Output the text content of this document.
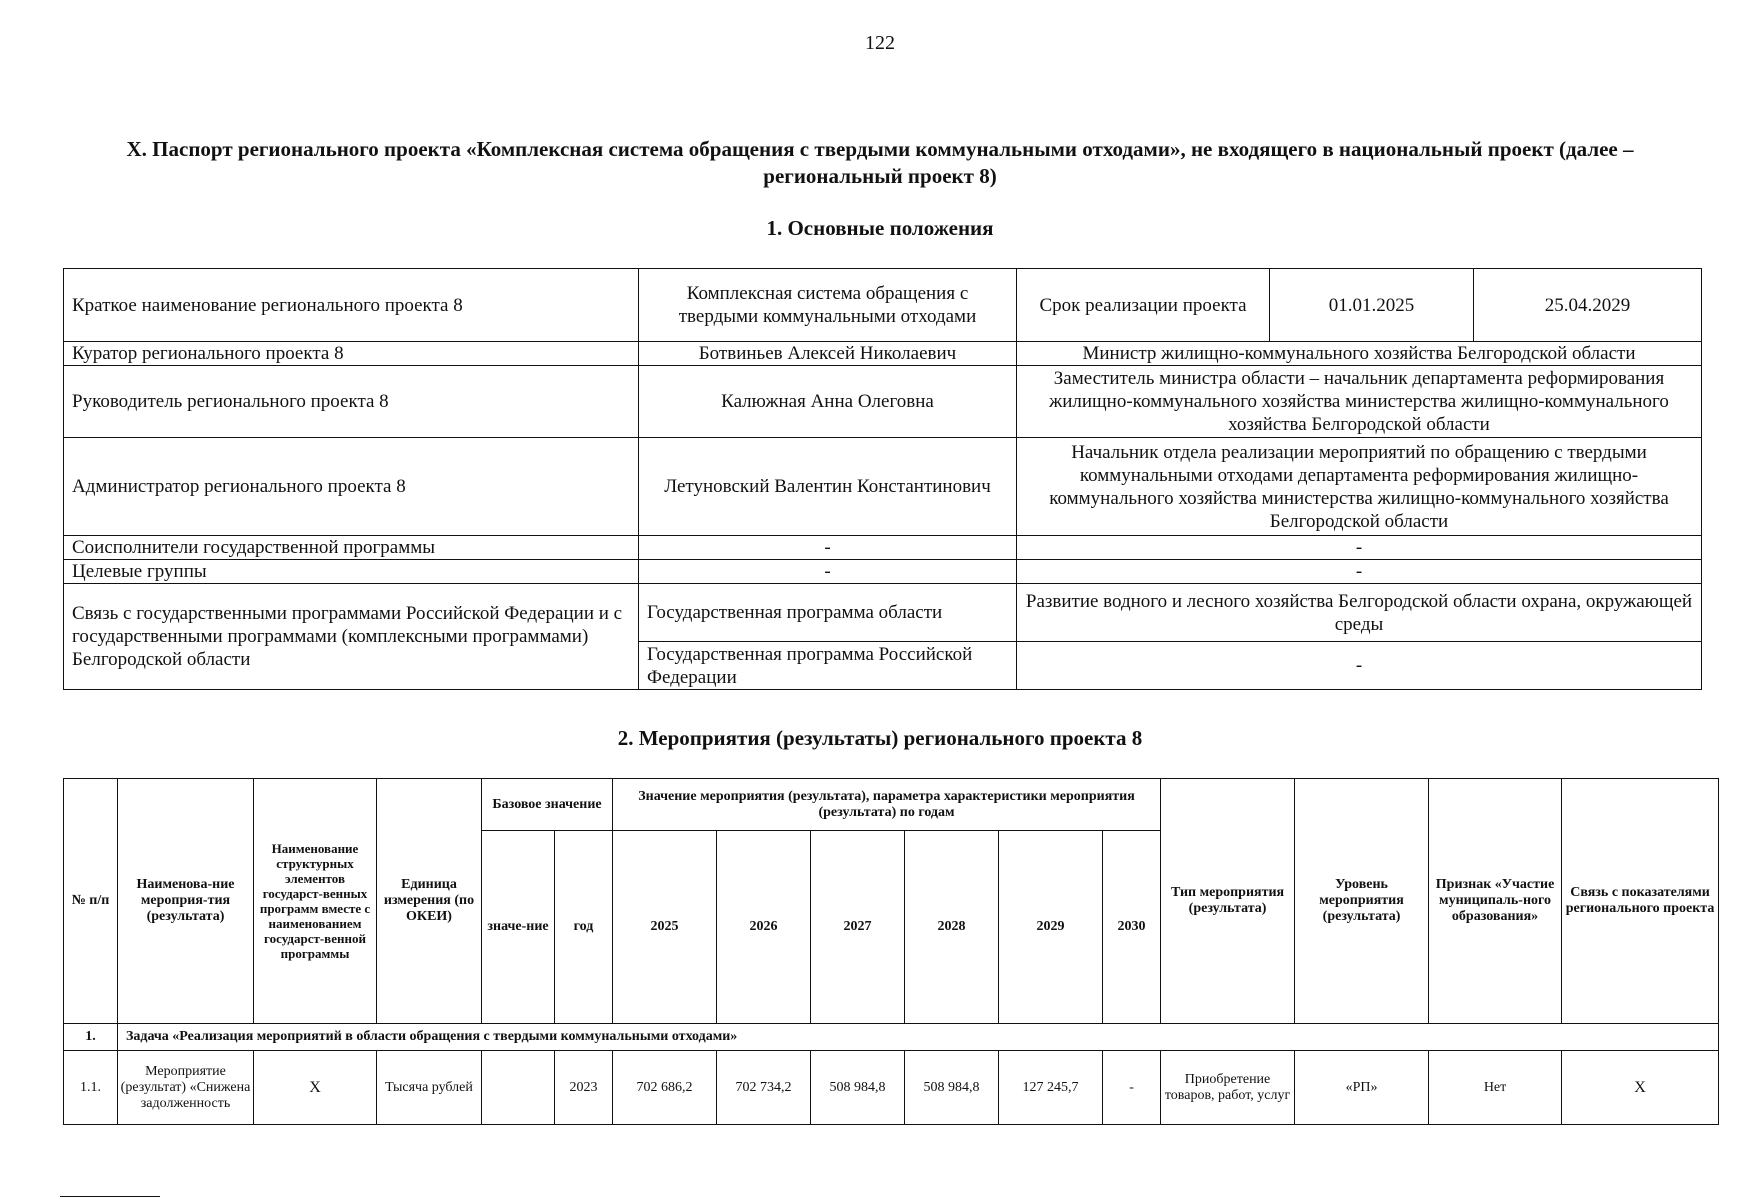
122
X. Паспорт регионального проекта «Комплексная система обращения с твердыми коммунальными отходами», не входящего в национальный проект (далее – региональный проект 8)
1. Основные положения
Краткое наименование регионального проекта 8	Комплексная система обращения с твердыми коммунальными отходами	Срок реализации проекта	01.01.2025	25.04.2029
Куратор регионального проекта 8	Ботвиньев Алексей Николаевич	Министр жилищно-коммунального хозяйства Белгородской области		
Руководитель регионального проекта 8	Калюжная Анна Олеговна	Заместитель министра области – начальник департамента реформирования жилищно-коммунального хозяйства министерства жилищно-коммунального хозяйства Белгородской области		
Администратор регионального проекта 8	Летуновский Валентин Константинович	Начальник отдела реализации мероприятий по обращению с твердыми коммунальными отходами департамента реформирования жилищно-коммунального хозяйства министерства жилищно-коммунального хозяйства Белгородской области		
Соисполнители государственной программы	-	-		
Целевые группы	-	-		
Связь с государственными программами Российской Федерации и с государственными программами (комплексными программами) Белгородской области	Государственная программа области	Развитие водного и лесного хозяйства Белгородской области охрана, окружающей среды		
	Государственная программа Российской Федерации	-		
2. Мероприятия (результаты) регионального проекта 8
№ п/п	Наименова-ние мероприя-тия (результата)	Наименование структурных элементов государст-венных программ вместе с наименованием государст-венной программы	Единица измерения (по ОКЕИ)	Базовое значение		Значение мероприятия (результата), параметра характеристики мероприятия (результата) по годам						Тип мероприятия (результата)	Уровень мероприятия (результата)	Признак «Участие муниципаль-ного образования»	Связь с показателями регионального проекта
				значе-ние	год	2025	2026	2027	2028	2029	2030				
1.	Задача «Реализация мероприятий в области обращения с твердыми коммунальными отходами»														
1.1.	Мероприятие (результат) «Снижена задолженность	X	Тысяча рублей		2023	702 686,2	702 734,2	508 984,8	508 984,8	127 245,7	-	Приобретение товаров, работ, услуг	«РП»	Нет	X
